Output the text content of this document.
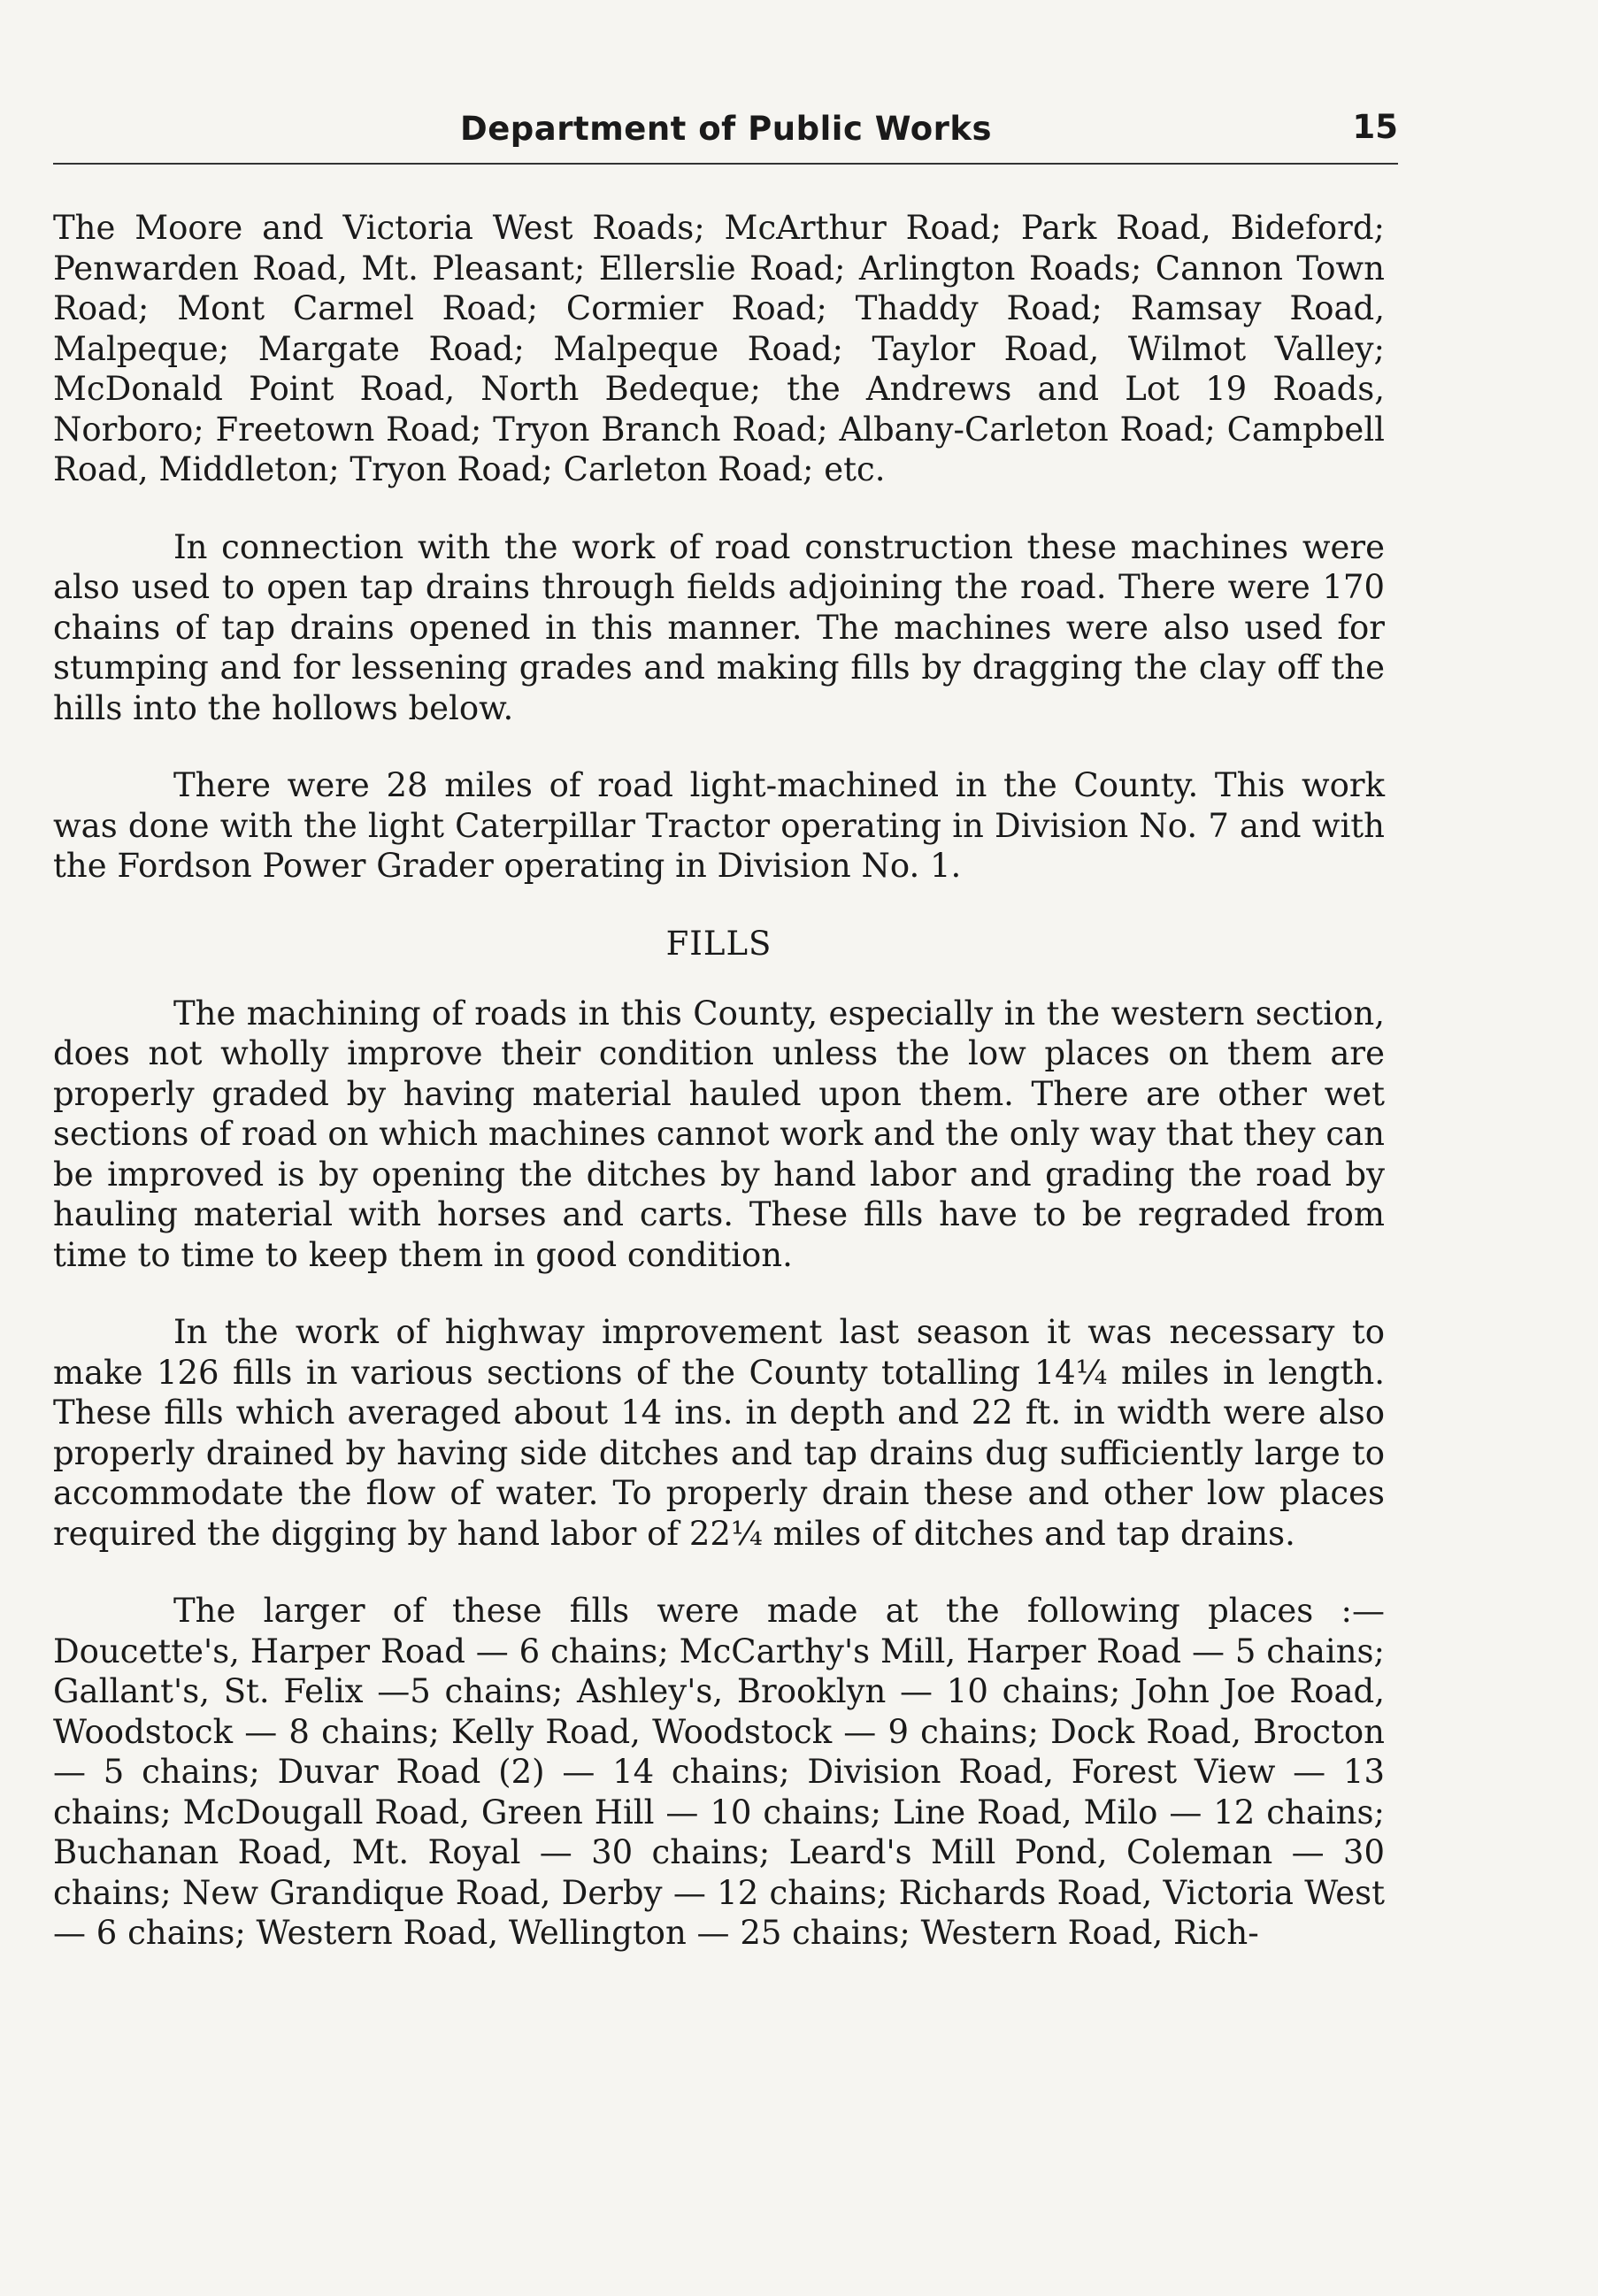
Department of Public Works	15

The Moore and Victoria West Roads; McArthur Road; Park Road, Bideford; Penwarden Road, Mt. Pleasant; Ellerslie Road; Arlington Roads; Cannon Town Road; Mont Carmel Road; Cormier Road; Thaddy Road; Ramsay Road, Malpeque; Margate Road; Malpeque Road; Taylor Road, Wilmot Valley; McDonald Point Road, North Bedeque; the Andrews and Lot 19 Roads, Norboro; Freetown Road; Tryon Branch Road; Albany-Carleton Road; Campbell Road, Middleton; Tryon Road; Carleton Road; etc.

In connection with the work of road construction these machines were also used to open tap drains through fields adjoining the road. There were 170 chains of tap drains opened in this manner. The machines were also used for stumping and for lessening grades and making fills by dragging the clay off the hills into the hollows below.

There were 28 miles of road light-machined in the County. This work was done with the light Caterpillar Tractor operating in Division No. 7 and with the Fordson Power Grader operating in Division No. 1.

FILLS

The machining of roads in this County, especially in the western section, does not wholly improve their condition unless the low places on them are properly graded by having material hauled upon them. There are other wet sections of road on which machines cannot work and the only way that they can be improved is by opening the ditches by hand labor and grading the road by hauling material with horses and carts. These fills have to be regraded from time to time to keep them in good condition.

In the work of highway improvement last season it was necessary to make 126 fills in various sections of the County totalling 14¼ miles in length. These fills which averaged about 14 ins. in depth and 22 ft. in width were also properly drained by having side ditches and tap drains dug sufficiently large to accommodate the flow of water. To properly drain these and other low places required the digging by hand labor of 22¼ miles of ditches and tap drains.

The larger of these fills were made at the following places :— Doucette's, Harper Road — 6 chains; McCarthy's Mill, Harper Road — 5 chains; Gallant's, St. Felix —5 chains; Ashley's, Brooklyn — 10 chains; John Joe Road, Woodstock — 8 chains; Kelly Road, Woodstock — 9 chains; Dock Road, Brocton — 5 chains; Duvar Road (2) — 14 chains; Division Road, Forest View — 13 chains; McDougall Road, Green Hill — 10 chains; Line Road, Milo — 12 chains; Buchanan Road, Mt. Royal — 30 chains; Leard's Mill Pond, Coleman — 30 chains; New Grandique Road, Derby — 12 chains; Richards Road, Victoria West — 6 chains; Western Road, Wellington — 25 chains; Western Road, Rich-
